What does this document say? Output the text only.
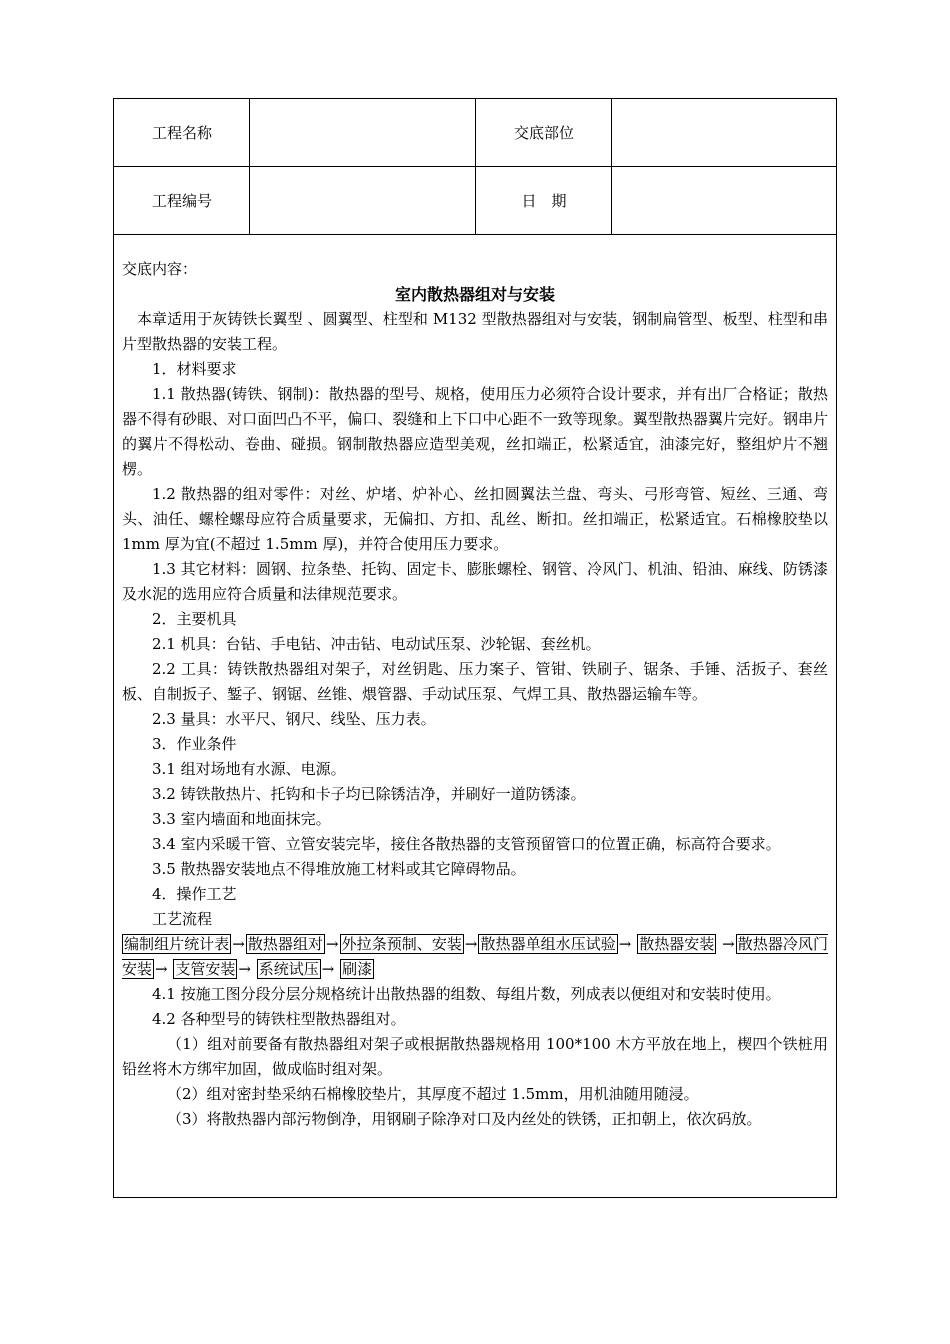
工程名称	交底部位
工程编号	日　期

交底内容：

室内散热器组对与安装

本章适用于灰铸铁长翼型 、圆翼型、柱型和 M132 型散热器组对与安装，钢制扁管型、板型、柱型和串片型散热器的安装工程。

1．材料要求

1.1 散热器(铸铁、钢制)：散热器的型号、规格，使用压力必须符合设计要求，并有出厂合格证；散热器不得有砂眼、对口面凹凸不平，偏口、裂缝和上下口中心距不一致等现象。翼型散热器翼片完好。钢串片的翼片不得松动、卷曲、碰损。钢制散热器应造型美观，丝扣端正，松紧适宜，油漆完好，整组炉片不翘楞。

1.2 散热器的组对零件：对丝、炉堵、炉补心、丝扣圆翼法兰盘、弯头、弓形弯管、短丝、三通、弯头、油任、螺栓螺母应符合质量要求，无偏扣、方扣、乱丝、断扣。丝扣端正，松紧适宜。石棉橡胶垫以 1mm 厚为宜(不超过 1.5mm 厚)，并符合使用压力要求。

1.3 其它材料：圆钢、拉条垫、托钩、固定卡、膨胀螺栓、钢管、冷风门、机油、铅油、麻线、防锈漆及水泥的选用应符合质量和法律规范要求。

2．主要机具

2.1 机具：台钻、手电钻、冲击钻、电动试压泵、沙轮锯、套丝机。

2.2 工具：铸铁散热器组对架子，对丝钥匙、压力案子、管钳、铁刷子、锯条、手锤、活扳子、套丝板、自制扳子、錾子、钢锯、丝锥、煨管器、手动试压泵、气焊工具、散热器运输车等。

2.3 量具：水平尺、钢尺、线坠、压力表。

3．作业条件

3.1 组对场地有水源、电源。

3.2 铸铁散热片、托钩和卡子均已除锈洁净，并刷好一道防锈漆。

3.3 室内墙面和地面抹完。

3.4 室内采暖干管、立管安装完毕，接住各散热器的支管预留管口的位置正确，标高符合要求。

3.5 散热器安装地点不得堆放施工材料或其它障碍物品。

4．操作工艺

工艺流程

编制组片统计表 → 散热器组对 → 外拉条预制、安装 → 散热器单组水压试验 → 散热器安装 → 散热器冷风门安装 → 支管安装 → 系统试压 → 刷漆

4.1 按施工图分段分层分规格统计出散热器的组数、每组片数，列成表以便组对和安装时使用。

4.2 各种型号的铸铁柱型散热器组对。

（1）组对前要备有散热器组对架子或根据散热器规格用 100*100 木方平放在地上，楔四个铁桩用铅丝将木方绑牢加固，做成临时组对架。

（2）组对密封垫采纳石棉橡胶垫片，其厚度不超过 1.5mm，用机油随用随浸。

（3）将散热器内部污物倒净，用钢刷子除净对口及内丝处的铁锈，正扣朝上，依次码放。
